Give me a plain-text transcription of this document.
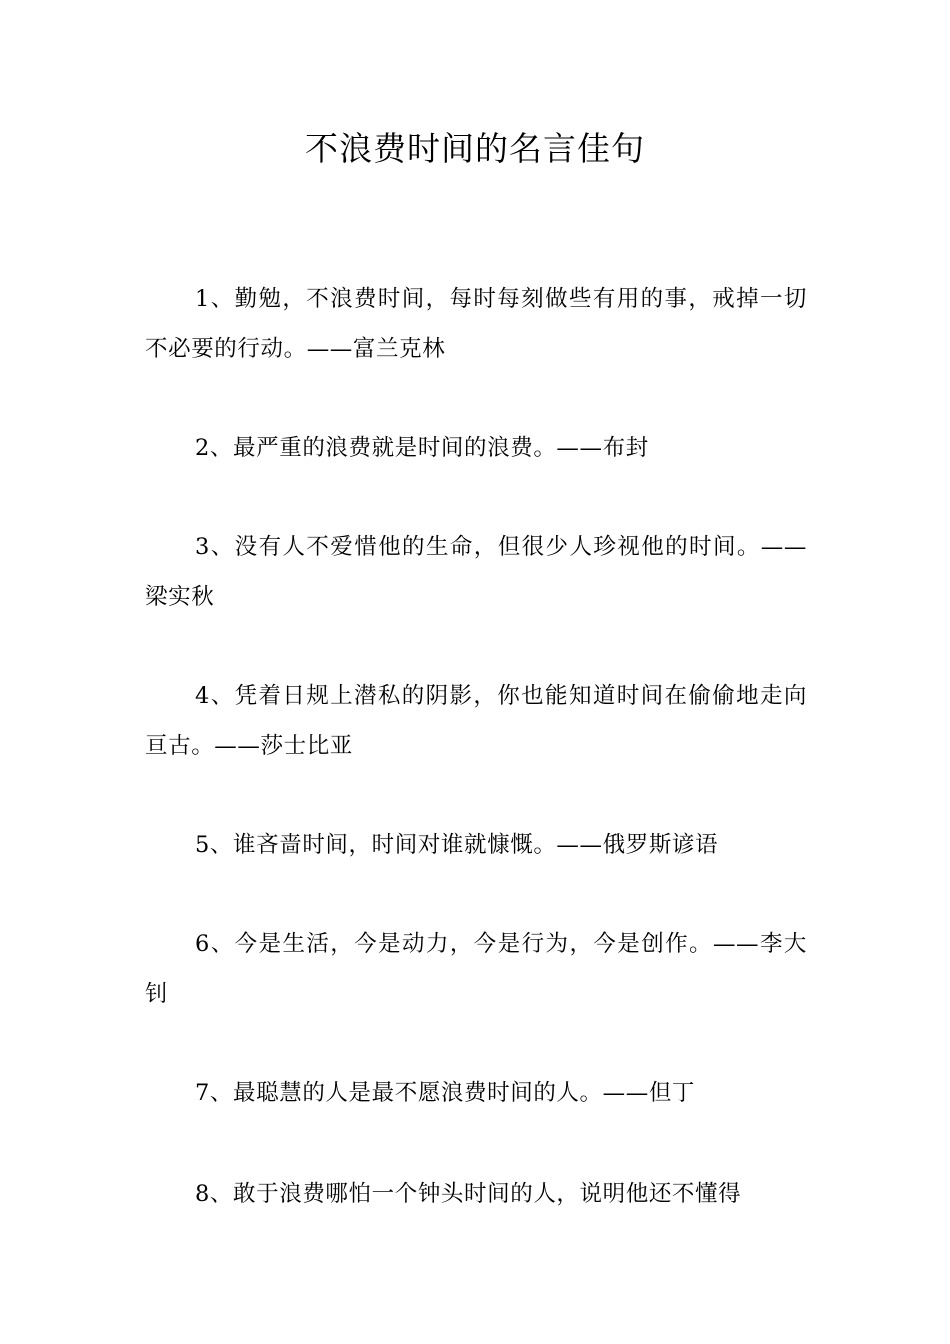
不浪费时间的名言佳句

1、勤勉，不浪费时间，每时每刻做些有用的事，戒掉一切不必要的行动。——富兰克林

2、最严重的浪费就是时间的浪费。——布封

3、没有人不爱惜他的生命，但很少人珍视他的时间。——梁实秋

4、凭着日规上潜私的阴影，你也能知道时间在偷偷地走向亘古。——莎士比亚

5、谁吝啬时间，时间对谁就慷慨。——俄罗斯谚语

6、今是生活，今是动力，今是行为，今是创作。——李大钊

7、最聪慧的人是最不愿浪费时间的人。——但丁

8、敢于浪费哪怕一个钟头时间的人，说明他还不懂得
